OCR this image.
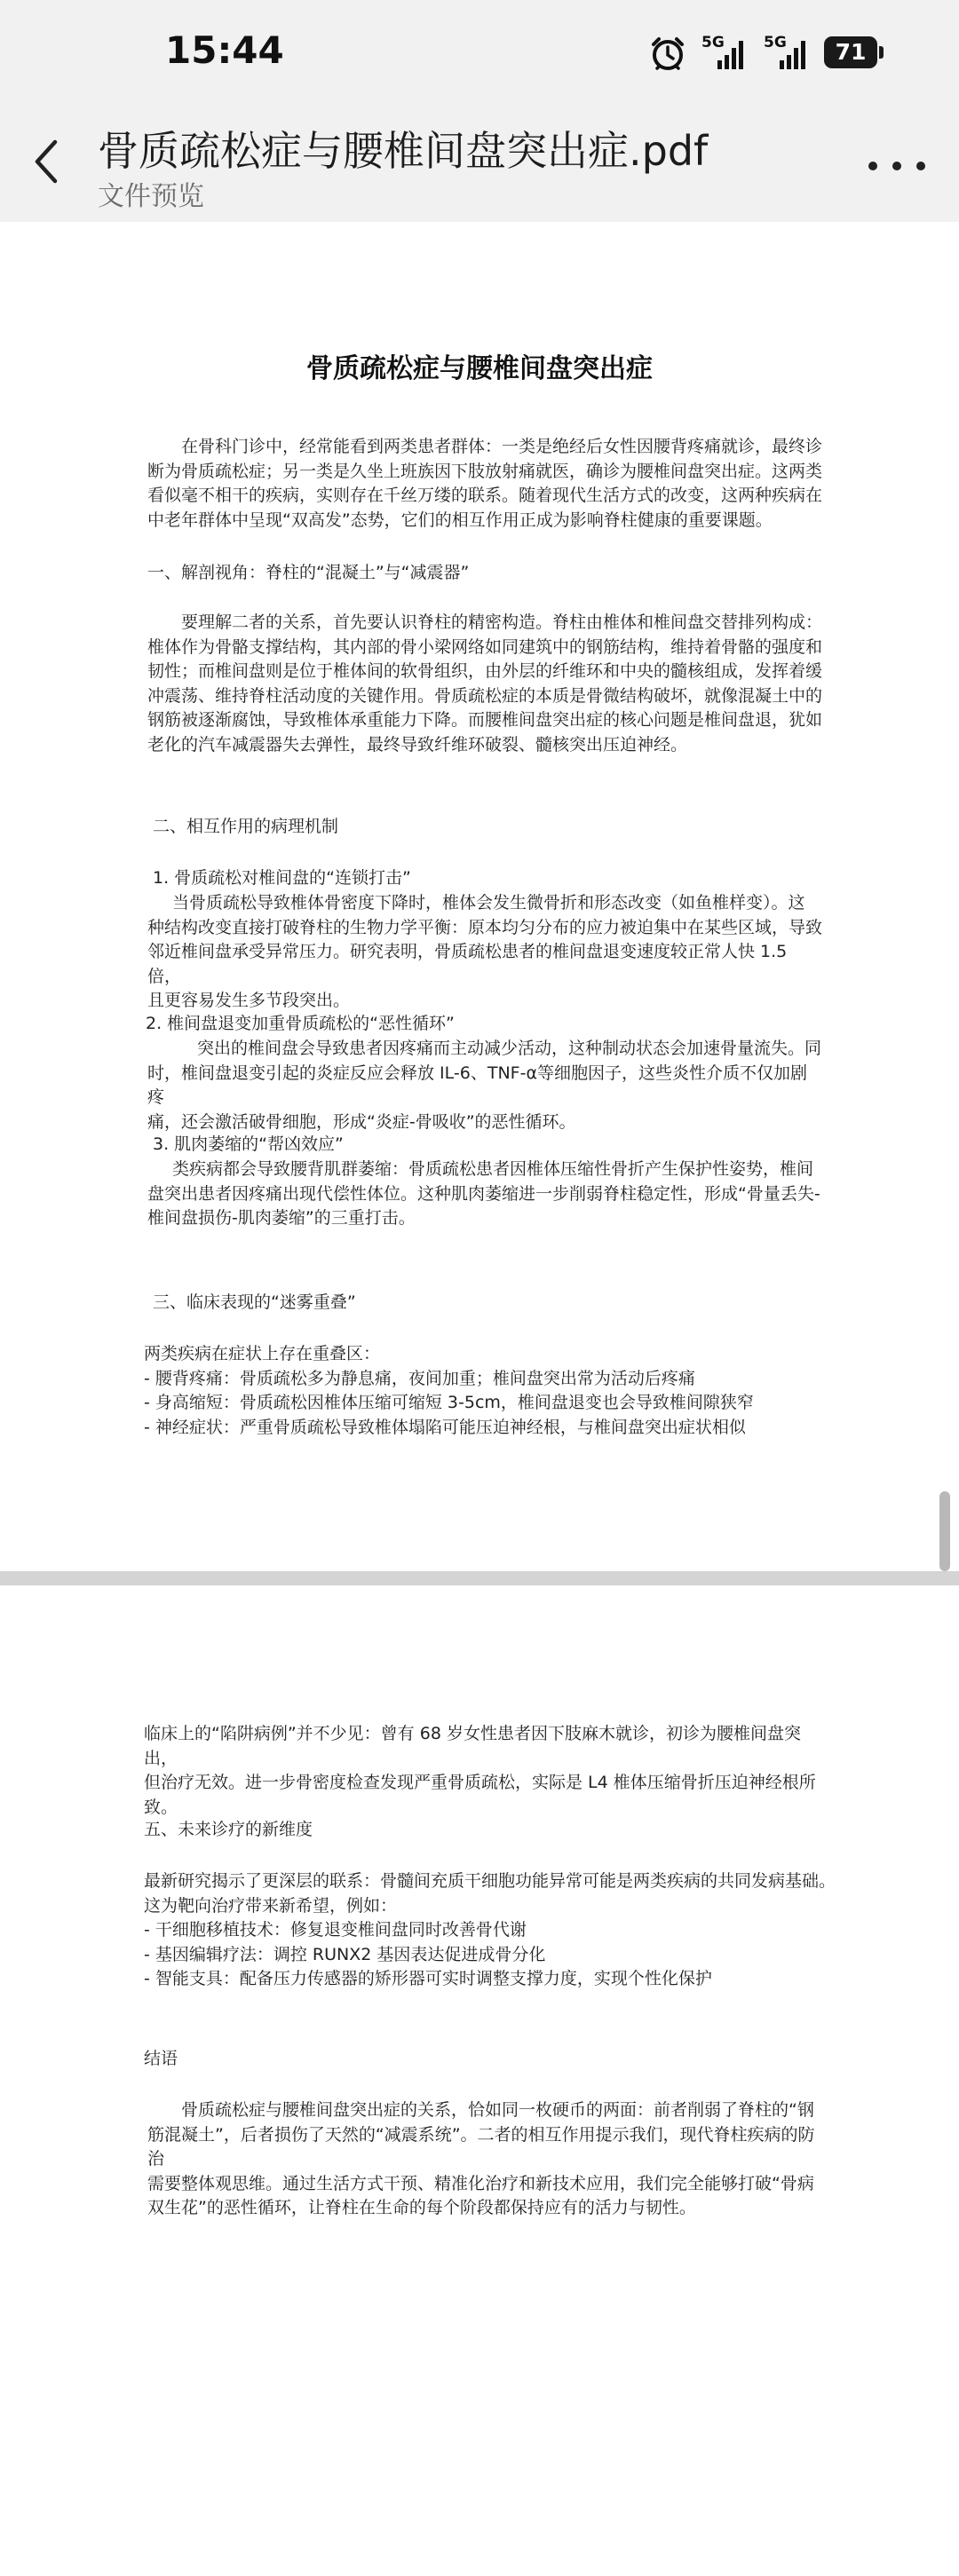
15:44	5G	5G	71
骨质疏松症与腰椎间盘突出症.pdf
文件预览
骨质疏松症与腰椎间盘突出症
在骨科门诊中，经常能看到两类患者群体：一类是绝经后女性因腰背疼痛就诊，最终诊
断为骨质疏松症；另一类是久坐上班族因下肢放射痛就医，确诊为腰椎间盘突出症。这两类
看似毫不相干的疾病，实则存在千丝万缕的联系。随着现代生活方式的改变，这两种疾病在
中老年群体中呈现“双高发”态势，它们的相互作用正成为影响脊柱健康的重要课题。
一、解剖视角：脊柱的“混凝土”与“减震器”
要理解二者的关系，首先要认识脊柱的精密构造。脊柱由椎体和椎间盘交替排列构成：
椎体作为骨骼支撑结构，其内部的骨小梁网络如同建筑中的钢筋结构，维持着骨骼的强度和
韧性；而椎间盘则是位于椎体间的软骨组织，由外层的纤维环和中央的髓核组成，发挥着缓
冲震荡、维持脊柱活动度的关键作用。骨质疏松症的本质是骨微结构破坏，就像混凝土中的
钢筋被逐渐腐蚀，导致椎体承重能力下降。而腰椎间盘突出症的核心问题是椎间盘退，犹如
老化的汽车减震器失去弹性，最终导致纤维环破裂、髓核突出压迫神经。
二、相互作用的病理机制
1. 骨质疏松对椎间盘的“连锁打击”
当骨质疏松导致椎体骨密度下降时，椎体会发生微骨折和形态改变（如鱼椎样变）。这
种结构改变直接打破脊柱的生物力学平衡：原本均匀分布的应力被迫集中在某些区域，导致
邻近椎间盘承受异常压力。研究表明，骨质疏松患者的椎间盘退变速度较正常人快 1.5 倍，
且更容易发生多节段突出。
2. 椎间盘退变加重骨质疏松的“恶性循环”
突出的椎间盘会导致患者因疼痛而主动减少活动，这种制动状态会加速骨量流失。同
时，椎间盘退变引起的炎症反应会释放 IL-6、TNF-α等细胞因子，这些炎性介质不仅加剧疼
痛，还会激活破骨细胞，形成“炎症-骨吸收”的恶性循环。
3. 肌肉萎缩的“帮凶效应”
类疾病都会导致腰背肌群萎缩：骨质疏松患者因椎体压缩性骨折产生保护性姿势，椎间
盘突出患者因疼痛出现代偿性体位。这种肌肉萎缩进一步削弱脊柱稳定性，形成“骨量丢失-
椎间盘损伤-肌肉萎缩”的三重打击。
三、临床表现的“迷雾重叠”
两类疾病在症状上存在重叠区：
- 腰背疼痛：骨质疏松多为静息痛，夜间加重；椎间盘突出常为活动后疼痛
- 身高缩短：骨质疏松因椎体压缩可缩短 3-5cm，椎间盘退变也会导致椎间隙狭窄
- 神经症状：严重骨质疏松导致椎体塌陷可能压迫神经根，与椎间盘突出症状相似
临床上的“陷阱病例”并不少见：曾有 68 岁女性患者因下肢麻木就诊，初诊为腰椎间盘突出，
但治疗无效。进一步骨密度检查发现严重骨质疏松，实际是 L4 椎体压缩骨折压迫神经根所
致。
五、未来诊疗的新维度
最新研究揭示了更深层的联系：骨髓间充质干细胞功能异常可能是两类疾病的共同发病基础。
这为靶向治疗带来新希望，例如：
- 干细胞移植技术：修复退变椎间盘同时改善骨代谢
- 基因编辑疗法：调控 RUNX2 基因表达促进成骨分化
- 智能支具：配备压力传感器的矫形器可实时调整支撑力度，实现个性化保护
结语
骨质疏松症与腰椎间盘突出症的关系，恰如同一枚硬币的两面：前者削弱了脊柱的“钢
筋混凝土”，后者损伤了天然的“减震系统”。二者的相互作用提示我们，现代脊柱疾病的防治
需要整体观思维。通过生活方式干预、精准化治疗和新技术应用，我们完全能够打破“骨病
双生花”的恶性循环，让脊柱在生命的每个阶段都保持应有的活力与韧性。
